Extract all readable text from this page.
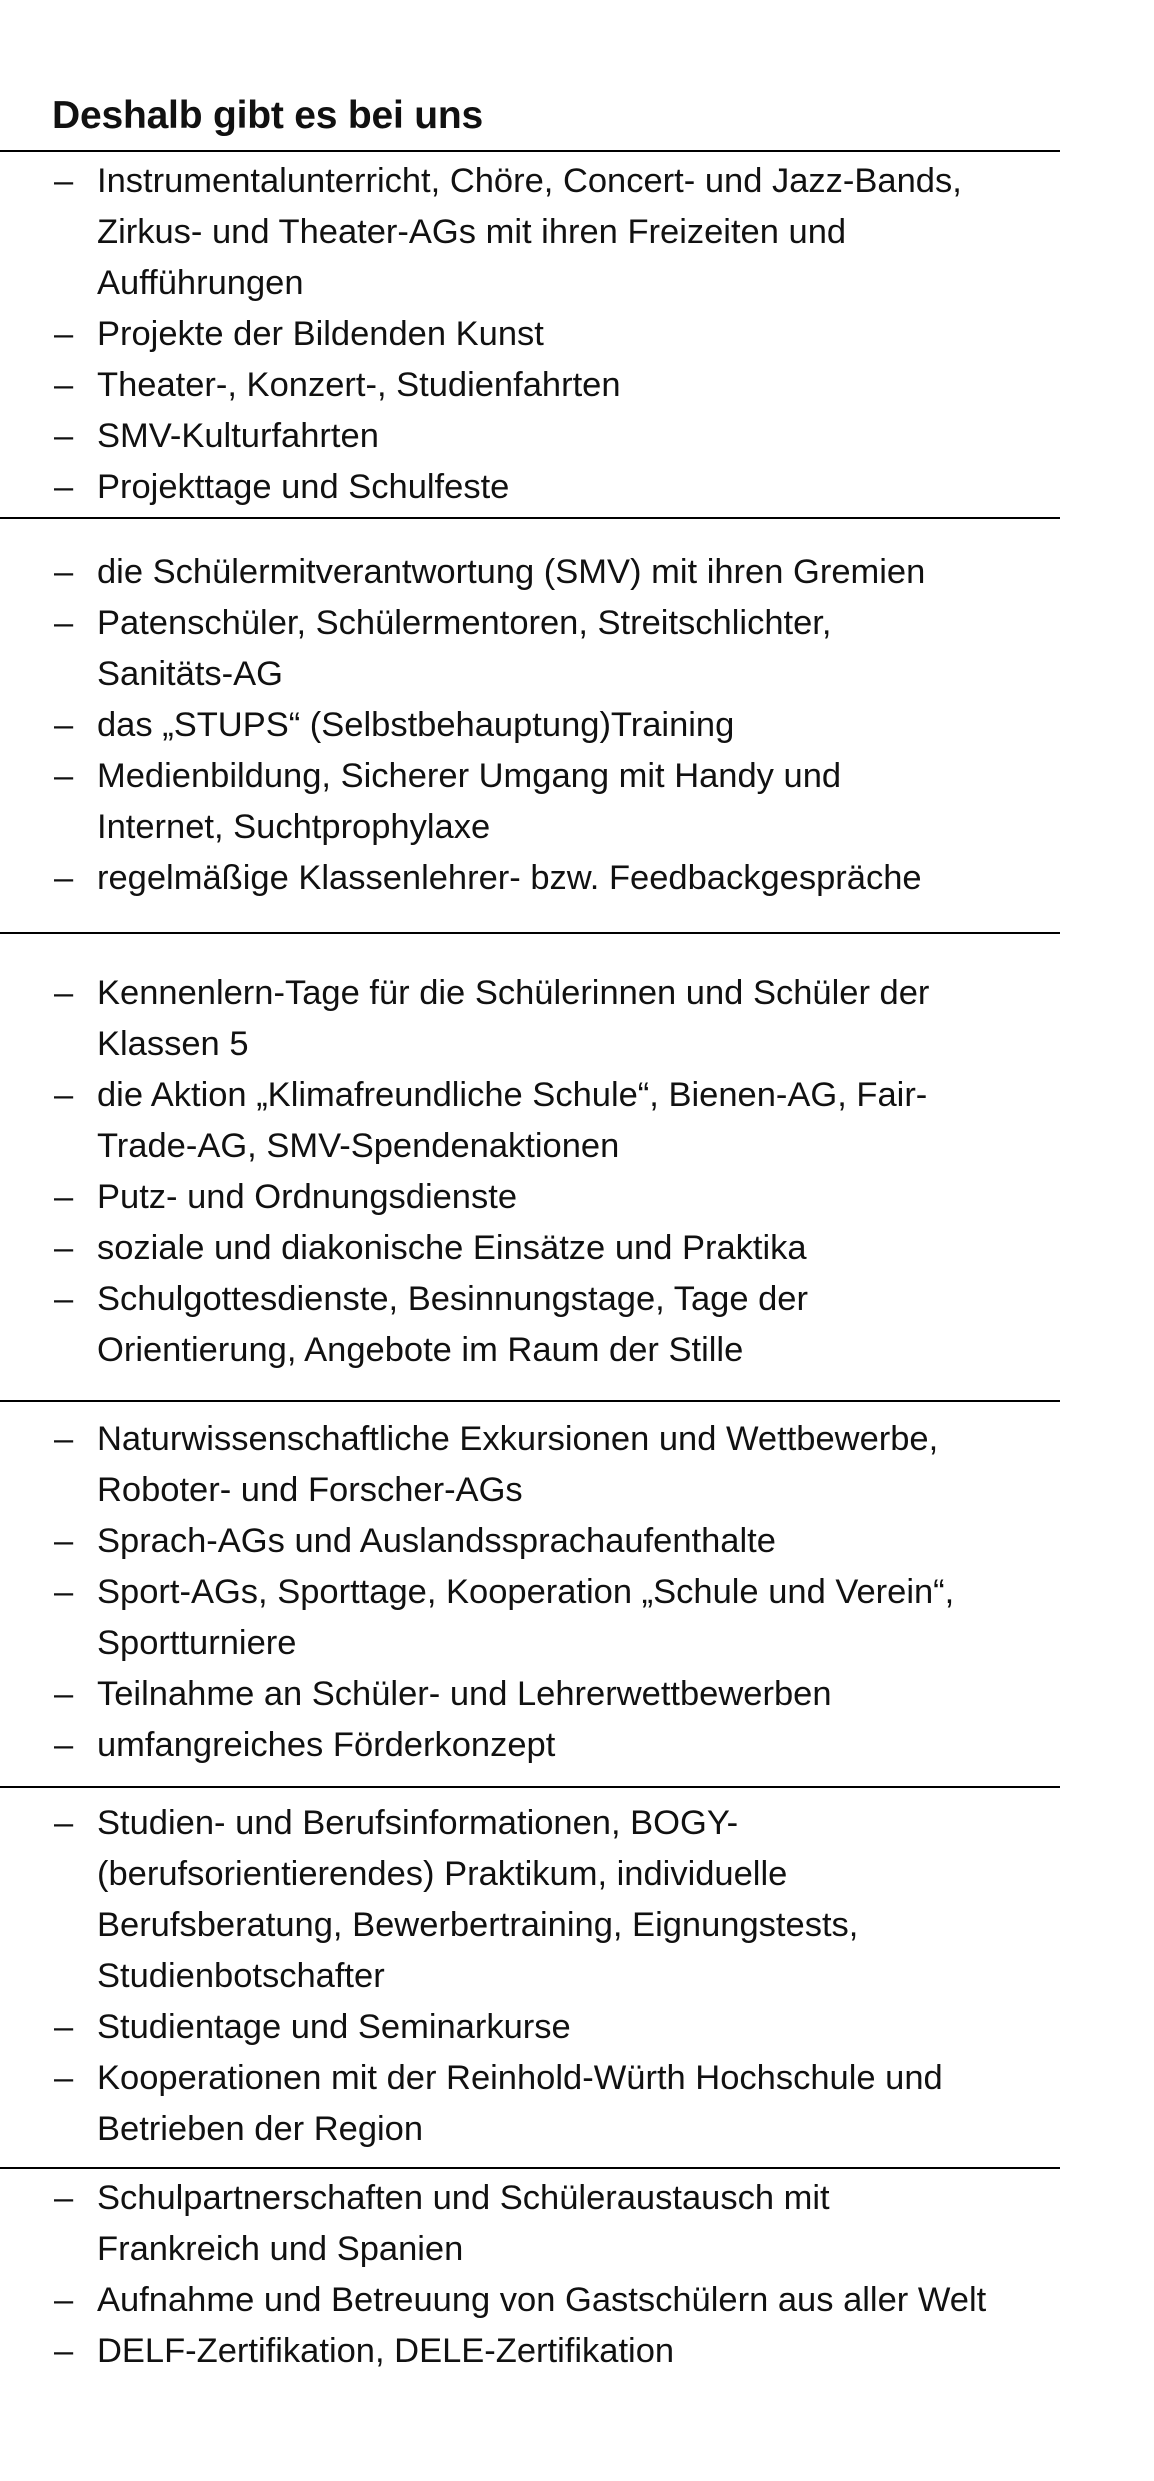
Deshalb gibt es bei uns
– Instrumentalunterricht, Chöre, Concert- und Jazz-Bands, Zirkus- und Theater-AGs mit ihren Freizeiten und Aufführungen
– Projekte der Bildenden Kunst
– Theater-, Konzert-, Studienfahrten
– SMV-Kulturfahrten
– Projekttage und Schulfeste
– die Schülermitverantwortung (SMV) mit ihren Gremien
– Patenschüler, Schülermentoren, Streitschlichter, Sanitäts-AG
– das „STUPS“ (Selbstbehauptung)Training
– Medienbildung, Sicherer Umgang mit Handy und Internet, Suchtprophylaxe
– regelmäßige Klassenlehrer- bzw. Feedbackgespräche
– Kennenlern-Tage für die Schülerinnen und Schüler der Klassen 5
– die Aktion „Klimafreundliche Schule“, Bienen-AG, Fair-Trade-AG, SMV-Spendenaktionen
– Putz- und Ordnungsdienste
– soziale und diakonische Einsätze und Praktika
– Schulgottesdienste, Besinnungstage, Tage der Orientierung, Angebote im Raum der Stille
– Naturwissenschaftliche Exkursionen und Wettbewerbe, Roboter- und Forscher-AGs
– Sprach-AGs und Auslandssprachaufenthalte
– Sport-AGs, Sporttage, Kooperation „Schule und Verein“, Sportturniere
– Teilnahme an Schüler- und Lehrerwettbewerben
– umfangreiches Förderkonzept
– Studien- und Berufsinformationen, BOGY-(berufsorientierendes) Praktikum, individuelle Berufsberatung, Bewerbertraining, Eignungstests, Studienbotschafter
– Studientage und Seminarkurse
– Kooperationen mit der Reinhold-Würth Hochschule und Betrieben der Region
– Schulpartnerschaften und Schüleraustausch mit Frankreich und Spanien
– Aufnahme und Betreuung von Gastschülern aus aller Welt
– DELF-Zertifikation, DELE-Zertifikation
